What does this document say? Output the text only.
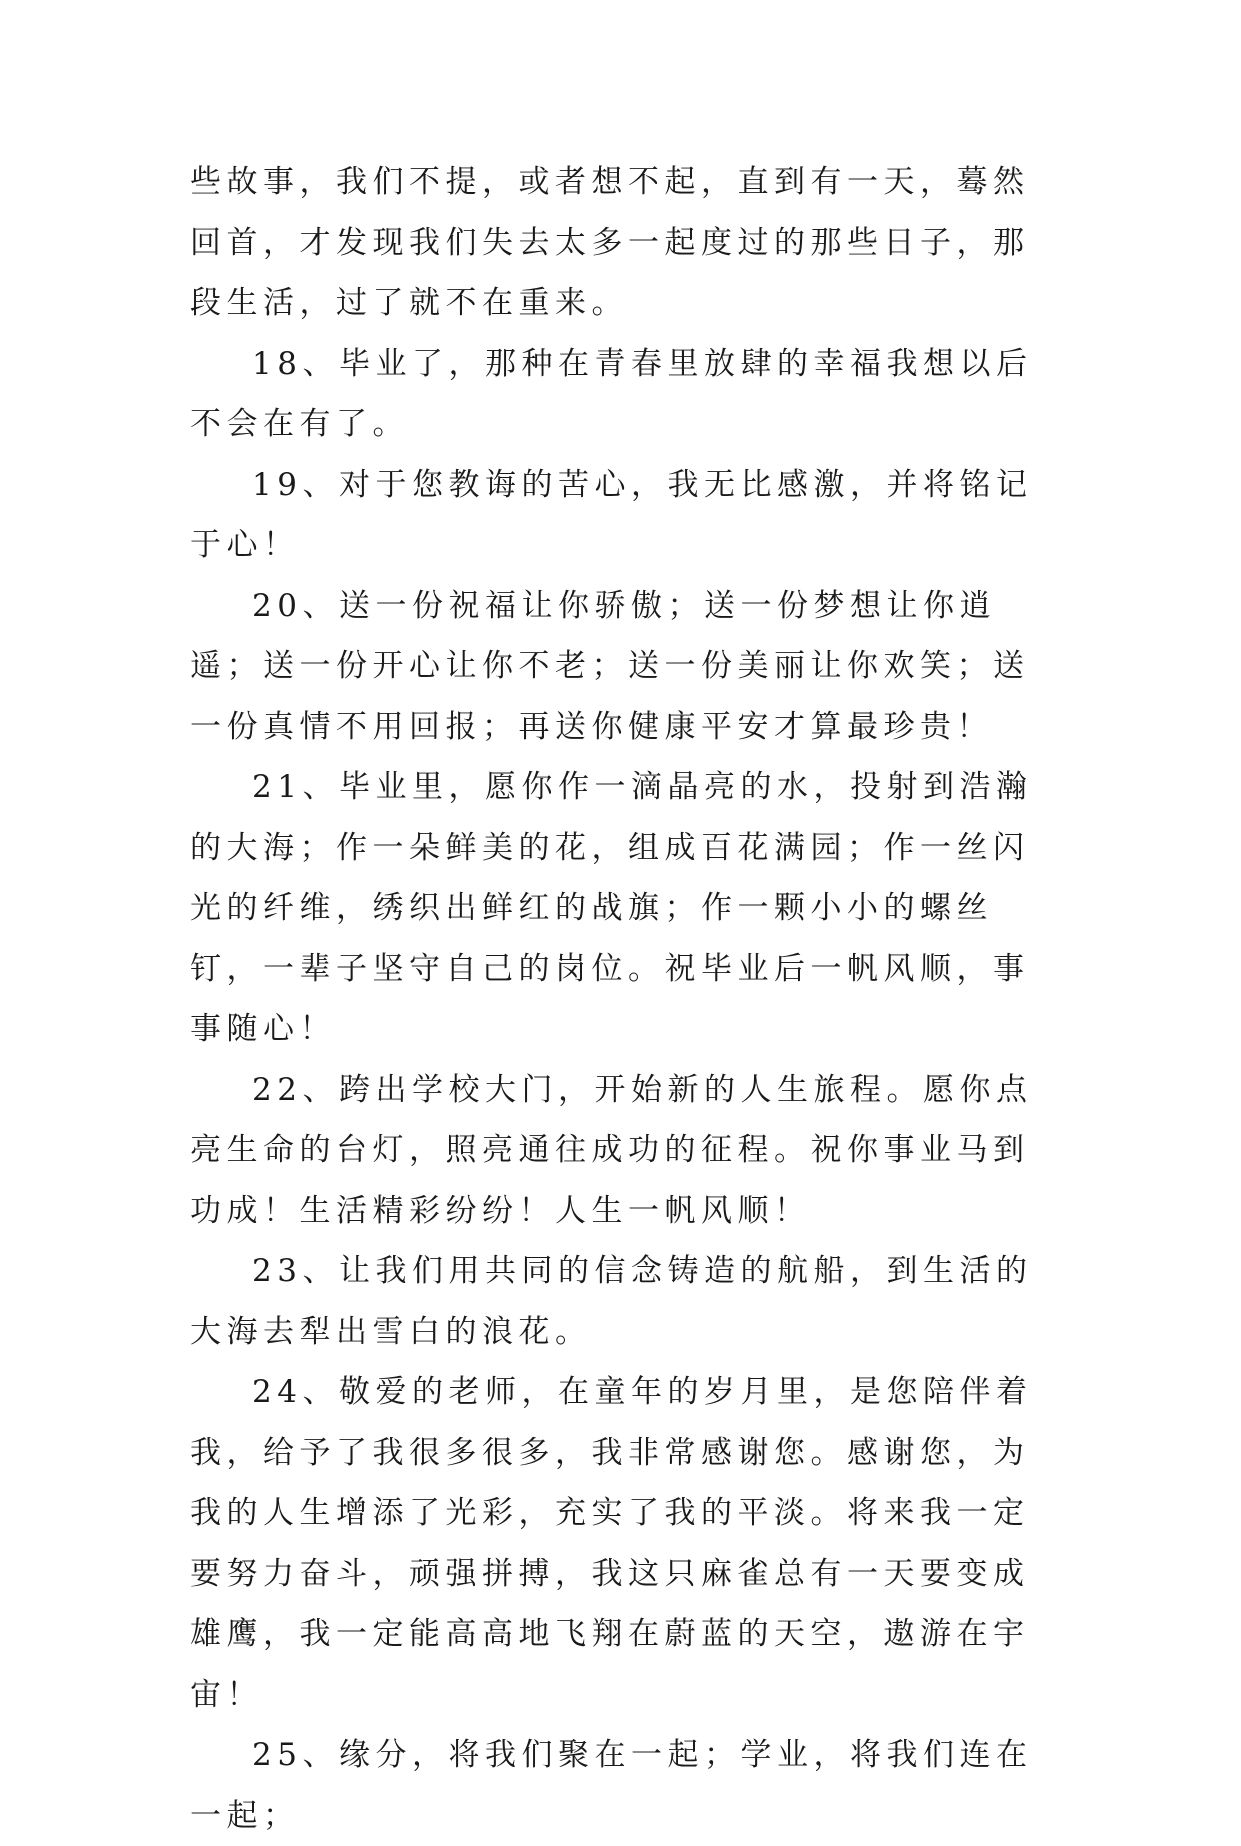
些故事，我们不提，或者想不起，直到有一天，蓦然回首，才发现我们失去太多一起度过的那些日子，那段生活，过了就不在重来。

18、毕业了，那种在青春里放肆的幸福我想以后不会在有了。

19、对于您教诲的苦心，我无比感激，并将铭记于心！

20、送一份祝福让你骄傲；送一份梦想让你逍遥；送一份开心让你不老；送一份美丽让你欢笑；送一份真情不用回报；再送你健康平安才算最珍贵！

21、毕业里，愿你作一滴晶亮的水，投射到浩瀚的大海；作一朵鲜美的花，组成百花满园；作一丝闪光的纤维，绣织出鲜红的战旗；作一颗小小的螺丝钉，一辈子坚守自己的岗位。祝毕业后一帆风顺，事事随心！

22、跨出学校大门，开始新的人生旅程。愿你点亮生命的台灯，照亮通往成功的征程。祝你事业马到功成！生活精彩纷纷！人生一帆风顺！

23、让我们用共同的信念铸造的航船，到生活的大海去犁出雪白的浪花。

24、敬爱的老师，在童年的岁月里，是您陪伴着我，给予了我很多很多，我非常感谢您。感谢您，为我的人生增添了光彩，充实了我的平淡。将来我一定要努力奋斗，顽强拼搏，我这只麻雀总有一天要变成雄鹰，我一定能高高地飞翔在蔚蓝的天空，遨游在宇宙！

25、缘分，将我们聚在一起；学业，将我们连在一起；
